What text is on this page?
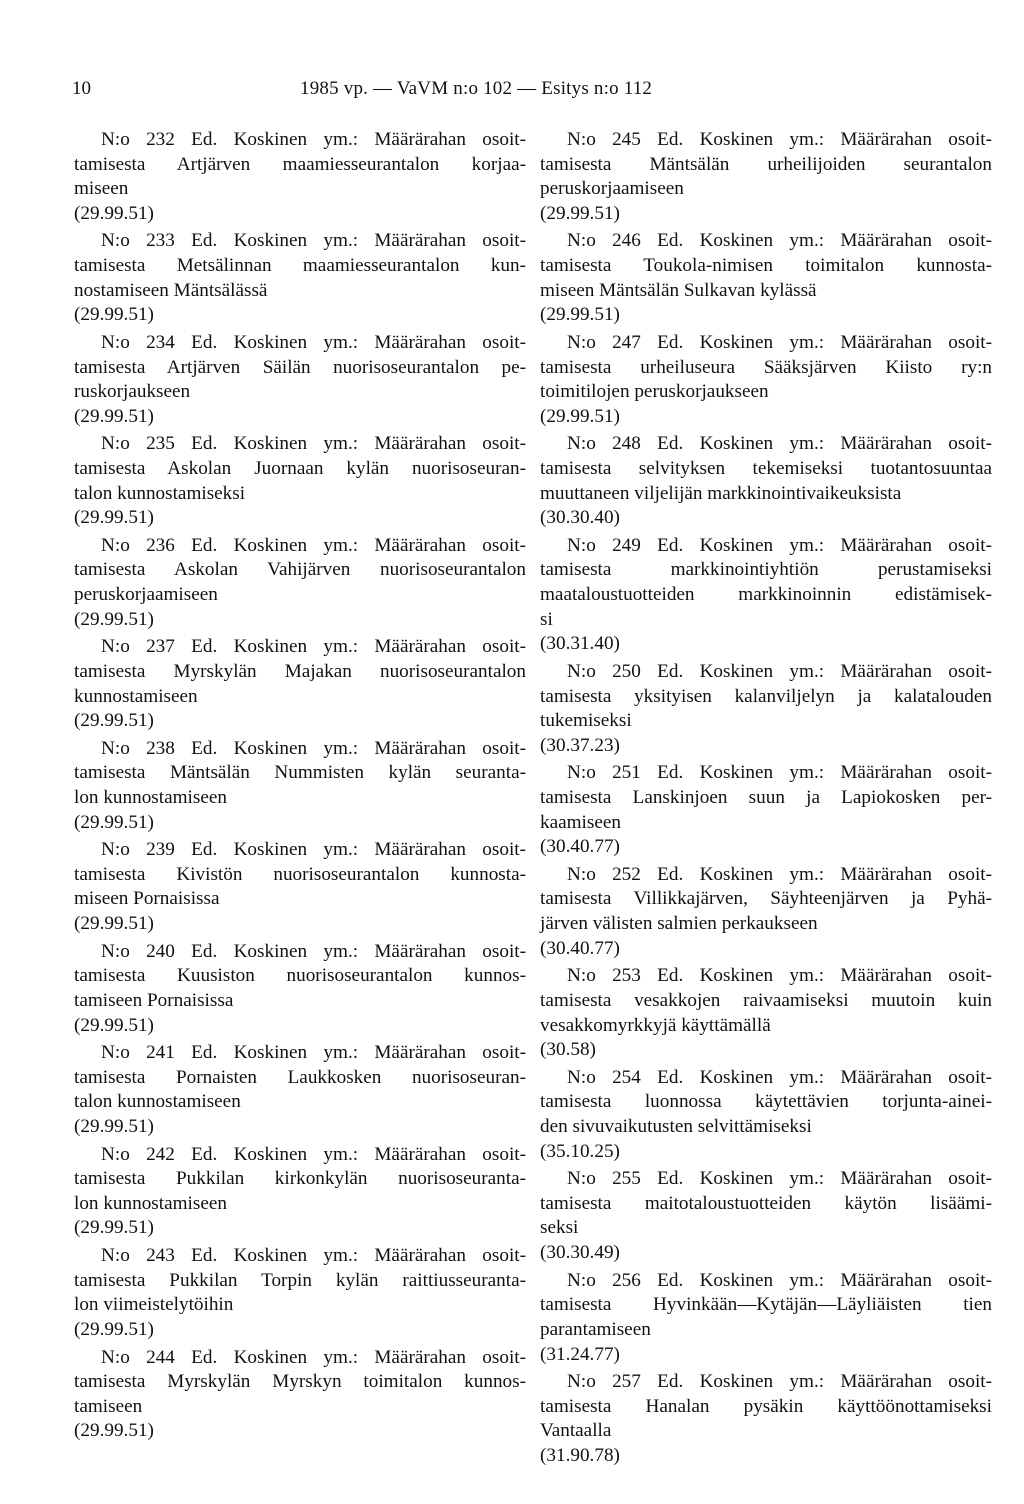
10	1985 vp. — VaVM n:o 102 — Esitys n:o 112
N:o 232 Ed. Koskinen ym.: Määrärahan osoit-
tamisesta Artjärven maamiesseurantalon korjaa-
miseen
(29.99.51)
N:o 233 Ed. Koskinen ym.: Määrärahan osoit-
tamisesta Metsälinnan maamiesseurantalon kun-
nostamiseen Mäntsälässä
(29.99.51)
N:o 234 Ed. Koskinen ym.: Määrärahan osoit-
tamisesta Artjärven Säilän nuorisoseurantalon pe-
ruskorjaukseen
(29.99.51)
N:o 235 Ed. Koskinen ym.: Määrärahan osoit-
tamisesta Askolan Juornaan kylän nuorisoseuran-
talon kunnostamiseksi
(29.99.51)
N:o 236 Ed. Koskinen ym.: Määrärahan osoit-
tamisesta Askolan Vahijärven nuorisoseurantalon
peruskorjaamiseen
(29.99.51)
N:o 237 Ed. Koskinen ym.: Määrärahan osoit-
tamisesta Myrskylän Majakan nuorisoseurantalon
kunnostamiseen
(29.99.51)
N:o 238 Ed. Koskinen ym.: Määrärahan osoit-
tamisesta Mäntsälän Nummisten kylän seuranta-
lon kunnostamiseen
(29.99.51)
N:o 239 Ed. Koskinen ym.: Määrärahan osoit-
tamisesta Kivistön nuorisoseurantalon kunnosta-
miseen Pornaisissa
(29.99.51)
N:o 240 Ed. Koskinen ym.: Määrärahan osoit-
tamisesta Kuusiston nuorisoseurantalon kunnos-
tamiseen Pornaisissa
(29.99.51)
N:o 241 Ed. Koskinen ym.: Määrärahan osoit-
tamisesta Pornaisten Laukkosken nuorisoseuran-
talon kunnostamiseen
(29.99.51)
N:o 242 Ed. Koskinen ym.: Määrärahan osoit-
tamisesta Pukkilan kirkonkylän nuorisoseuranta-
lon kunnostamiseen
(29.99.51)
N:o 243 Ed. Koskinen ym.: Määrärahan osoit-
tamisesta Pukkilan Torpin kylän raittiusseuranta-
lon viimeistelytöihin
(29.99.51)
N:o 244 Ed. Koskinen ym.: Määrärahan osoit-
tamisesta Myrskylän Myrskyn toimitalon kunnos-
tamiseen
(29.99.51)
N:o 245 Ed. Koskinen ym.: Määrärahan osoit-
tamisesta Mäntsälän urheilijoiden seurantalon
peruskorjaamiseen
(29.99.51)
N:o 246 Ed. Koskinen ym.: Määrärahan osoit-
tamisesta Toukola-nimisen toimitalon kunnosta-
miseen Mäntsälän Sulkavan kylässä
(29.99.51)
N:o 247 Ed. Koskinen ym.: Määrärahan osoit-
tamisesta urheiluseura Sääksjärven Kiisto ry:n
toimitilojen peruskorjaukseen
(29.99.51)
N:o 248 Ed. Koskinen ym.: Määrärahan osoit-
tamisesta selvityksen tekemiseksi tuotantosuuntaa
muuttaneen viljelijän markkinointivaikeuksista
(30.30.40)
N:o 249 Ed. Koskinen ym.: Määrärahan osoit-
tamisesta markkinointiyhtiön perustamiseksi
maataloustuotteiden markkinoinnin edistämisek-
si
(30.31.40)
N:o 250 Ed. Koskinen ym.: Määrärahan osoit-
tamisesta yksityisen kalanviljelyn ja kalatalouden
tukemiseksi
(30.37.23)
N:o 251 Ed. Koskinen ym.: Määrärahan osoit-
tamisesta Lanskinjoen suun ja Lapiokosken per-
kaamiseen
(30.40.77)
N:o 252 Ed. Koskinen ym.: Määrärahan osoit-
tamisesta Villikkajärven, Säyhteenjärven ja Pyhä-
järven välisten salmien perkaukseen
(30.40.77)
N:o 253 Ed. Koskinen ym.: Määrärahan osoit-
tamisesta vesakkojen raivaamiseksi muutoin kuin
vesakkomyrkkyjä käyttämällä
(30.58)
N:o 254 Ed. Koskinen ym.: Määrärahan osoit-
tamisesta luonnossa käytettävien torjunta-ainei-
den sivuvaikutusten selvittämiseksi
(35.10.25)
N:o 255 Ed. Koskinen ym.: Määrärahan osoit-
tamisesta maitotaloustuotteiden käytön lisäämi-
seksi
(30.30.49)
N:o 256 Ed. Koskinen ym.: Määrärahan osoit-
tamisesta Hyvinkään—Kytäjän—Läyliäisten tien
parantamiseen
(31.24.77)
N:o 257 Ed. Koskinen ym.: Määrärahan osoit-
tamisesta Hanalan pysäkin käyttöönottamiseksi
Vantaalla
(31.90.78)
